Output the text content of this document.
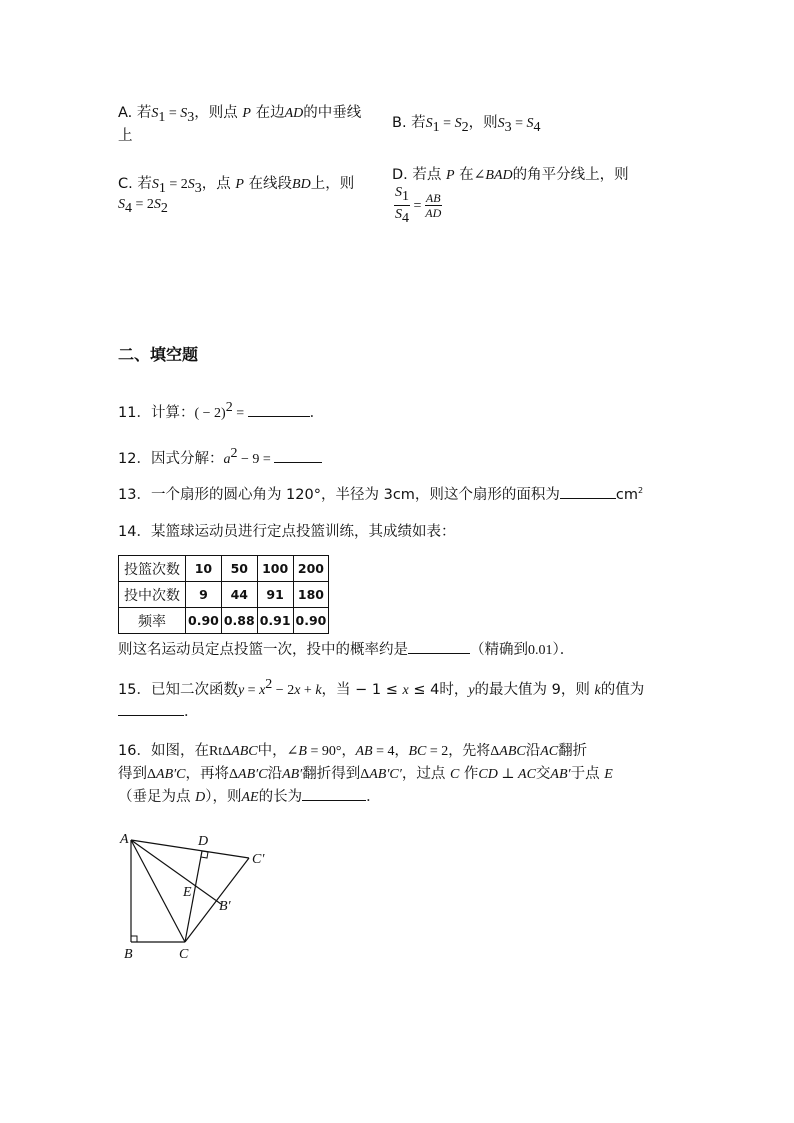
A. 若$S_1 = S_3$，则点 P 在边AD的中垂线
上
B. 若$S_1 = S_2$，则$S_3 = S_4$
C. 若$S_1 = 2S_3$，点 P 在线段BD上，则
$S_4 = 2S_2$
D. 若点 P 在∠BAD的角平分线上，则
$\frac{S_1}{S_4} = \frac{AB}{AD}$
二、填空题
11．计算：( − 2)$^2$ =	．
12．因式分解：$a^2 - 9$ =
13．一个扇形的圆心角为 120°，半径为 3cm，则这个扇形的面积为	$cm^2$
14．某篮球运动员进行定点投篮训练，其成绩如表：
投篮次数	10	50	100	200
投中次数	9	44	91	180
频率	0.90	0.88	0.91	0.90
则这名运动员定点投篮一次，投中的概率约是	（精确到0.01）．
15．已知二次函数$y = x^2 - 2x + k$，当 − 1 ≤ x ≤ 4时，y的最大值为 9，则 k的值为
．
16．如图，在RtΔABC中，∠B = 90°，AB = 4，BC = 2，先将ΔABC沿AC翻折
得到ΔAB′C，再将ΔAB′C沿AB′翻折得到ΔAB′C′，过点 C 作CD ⊥ AC交AB′于点 E
（垂足为点 D），则AE的长为	．
A
B	C
D
E
B′
C′
